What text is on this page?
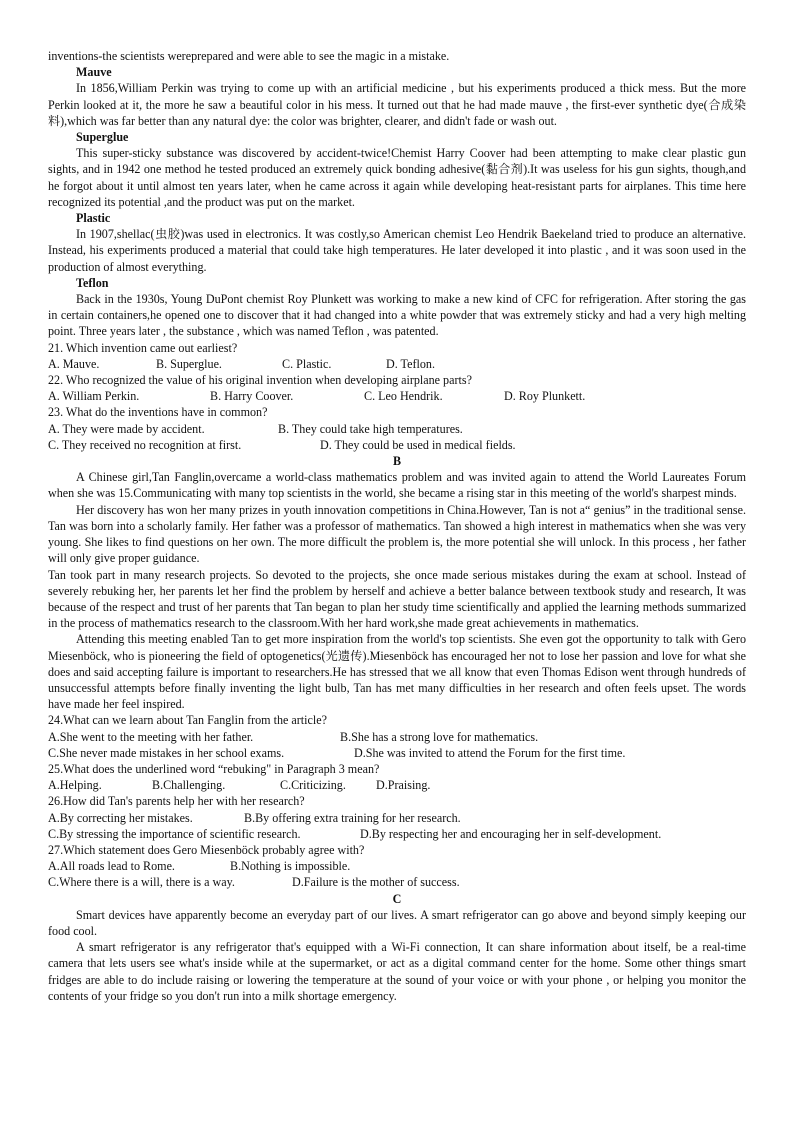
inventions-the scientists wereprepared and were able to see the magic in a mistake.

Mauve

In 1856,William Perkin was trying to come up with an artificial medicine , but his experiments produced a thick mess. But the more Perkin looked at it, the more he saw a beautiful color in his mess. It turned out that he had made mauve , the first-ever synthetic dye(合成染料),which was far better than any natural dye: the color was brighter, clearer, and didn't fade or wash out.

Superglue

This super-sticky substance was discovered by accident-twice!Chemist Harry Coover had been attempting to make clear plastic gun sights, and in 1942 one method he tested produced an extremely quick bonding adhesive(黏合剂).It was useless for his gun sights, though,and he forgot about it until almost ten years later, when he came across it again while developing heat-resistant parts for airplanes. This time here recognized its potential ,and the product was put on the market.

Plastic

In 1907,shellac(虫胶)was used in electronics. It was costly,so American chemist Leo Hendrik Baekeland tried to produce an alternative. Instead, his experiments produced a material that could take high temperatures. He later developed it into plastic , and it was soon used in the production of almost everything.

Teflon

Back in the 1930s, Young DuPont chemist Roy Plunkett was working to make a new kind of CFC for refrigeration. After storing the gas in certain containers,he opened one to discover that it had changed into a white powder that was extremely sticky and had a very high melting point. Three years later , the substance , which was named Teflon , was patented.

21. Which invention came out earliest?
A. Mauve.	B. Superglue.	C. Plastic.	D. Teflon.
22. Who recognized the value of his original invention when developing airplane parts?
A. William Perkin.	B. Harry Coover.	C. Leo Hendrik.	D. Roy Plunkett.
23. What do the inventions have in common?
A. They were made by accident.	B. They could take high temperatures.
C. They received no recognition at first.	D. They could be used in medical fields.
B

A Chinese girl,Tan Fanglin,overcame a world-class mathematics problem and was invited again to attend the World Laureates Forum when she was 15.Communicating with many top scientists in the world, she became a rising star in this meeting of the world's sharpest minds.

Her discovery has won her many prizes in youth innovation competitions in China.However, Tan is not a“ genius” in the traditional sense. Tan was born into a scholarly family. Her father was a professor of mathematics. Tan showed a high interest in mathematics when she was very young. She likes to find questions on her own. The more difficult the problem is, the more potential she will unlock. In this process , her father will only give proper guidance.

Tan took part in many research projects. So devoted to the projects, she once made serious mistakes during the exam at school. Instead of severely rebuking her, her parents let her find the problem by herself and achieve a better balance between textbook study and research, It was because of the respect and trust of her parents that Tan began to plan her study time scientifically and applied the learning methods summarized in the process of mathematics research to the classroom.With her hard work,she made great achievements in mathematics.

Attending this meeting enabled Tan to get more inspiration from the world's top scientists. She even got the opportunity to talk with Gero Miesenböck, who is pioneering the field of optogenetics(光遗传).Miesenböck has encouraged her not to lose her passion and love for what she does and said accepting failure is important to researchers.He has stressed that we all know that even Thomas Edison went through hundreds of unsuccessful attempts before finally inventing the light bulb, Tan has met many difficulties in her research and often feels upset. The words have made her feel inspired.

24.What can we learn about Tan Fanglin from the article?
A.She went to the meeting with her father.	B.She has a strong love for mathematics.
C.She never made mistakes in her school exams.	D.She was invited to attend the Forum for the first time.
25.What does the underlined word “rebuking" in Paragraph 3 mean?
A.Helping.	B.Challenging.	C.Criticizing. D.Praising.
26.How did Tan's parents help her with her research?
A.By correcting her mistakes.	B.By offering extra training for her research.
C.By stressing the importance of scientific research.	D.By respecting her and encouraging her in self-development.
27.Which statement does Gero Miesenböck probably agree with?
A.All roads lead to Rome.	B.Nothing is impossible.
C.Where there is a will, there is a way.	D.Failure is the mother of success.
C

Smart devices have apparently become an everyday part of our lives. A smart refrigerator can go above and beyond simply keeping our food cool.

A smart refrigerator is any refrigerator that's equipped with a Wi-Fi connection, It can share information about itself, be a real-time camera that lets users see what's inside while at the supermarket, or act as a digital command center for the home. Some other things smart fridges are able to do include raising or lowering the temperature at the sound of your voice or with your phone , or helping you monitor the contents of your fridge so you don't run into a milk shortage emergency.
